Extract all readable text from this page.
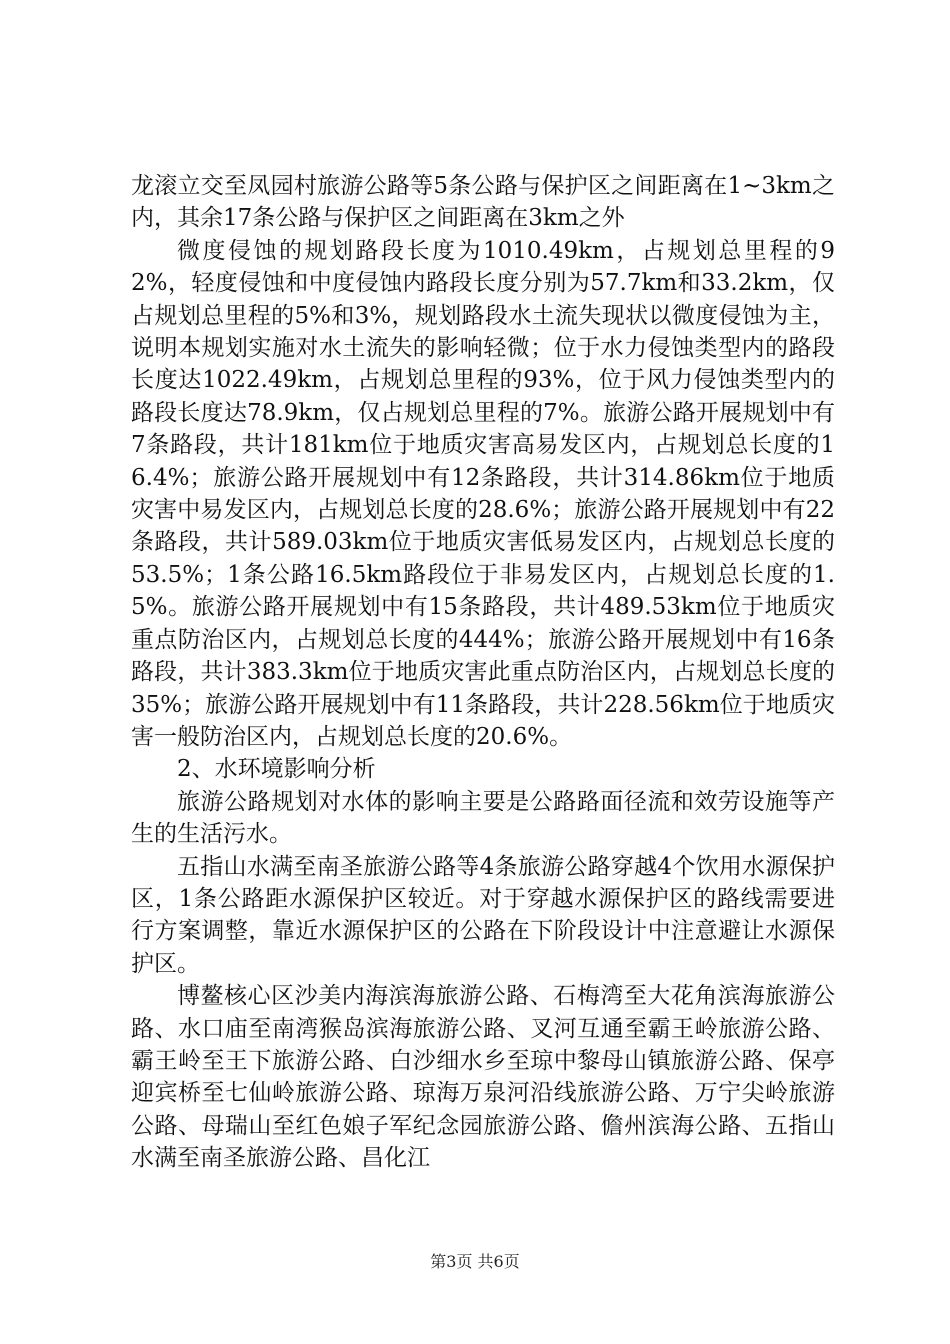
龙滚立交至凤园村旅游公路等5条公路与保护区之间距离在1~3km之内，其余17条公路与保护区之间距离在3km之外

微度侵蚀的规划路段长度为1010.49km，占规划总里程的92%，轻度侵蚀和中度侵蚀内路段长度分别为57.7km和33.2km，仅占规划总里程的5%和3%，规划路段水土流失现状以微度侵蚀为主，说明本规划实施对水土流失的影响轻微；位于水力侵蚀类型内的路段长度达1022.49km，占规划总里程的93%，位于风力侵蚀类型内的路段长度达78.9km，仅占规划总里程的7%。旅游公路开展规划中有7条路段，共计181km位于地质灾害高易发区内，占规划总长度的16.4%；旅游公路开展规划中有12条路段，共计314.86km位于地质灾害中易发区内，占规划总长度的28.6%；旅游公路开展规划中有22条路段，共计589.03km位于地质灾害低易发区内，占规划总长度的53.5%；1条公路16.5km路段位于非易发区内，占规划总长度的1.5%。旅游公路开展规划中有15条路段，共计489.53km位于地质灾重点防治区内，占规划总长度的444%；旅游公路开展规划中有16条路段，共计383.3km位于地质灾害此重点防治区内，占规划总长度的35%；旅游公路开展规划中有11条路段，共计228.56km位于地质灾害一般防治区内，占规划总长度的20.6%。

2、水环境影响分析

旅游公路规划对水体的影响主要是公路路面径流和效劳设施等产生的生活污水。

五指山水满至南圣旅游公路等4条旅游公路穿越4个饮用水源保护区，1条公路距水源保护区较近。对于穿越水源保护区的路线需要进行方案调整，靠近水源保护区的公路在下阶段设计中注意避让水源保护区。

博鳌核心区沙美内海滨海旅游公路、石梅湾至大花角滨海旅游公路、水口庙至南湾猴岛滨海旅游公路、叉河互通至霸王岭旅游公路、霸王岭至王下旅游公路、白沙细水乡至琼中黎母山镇旅游公路、保亭迎宾桥至七仙岭旅游公路、琼海万泉河沿线旅游公路、万宁尖岭旅游公路、母瑞山至红色娘子军纪念园旅游公路、儋州滨海公路、五指山水满至南圣旅游公路、昌化江

第3页 共6页
